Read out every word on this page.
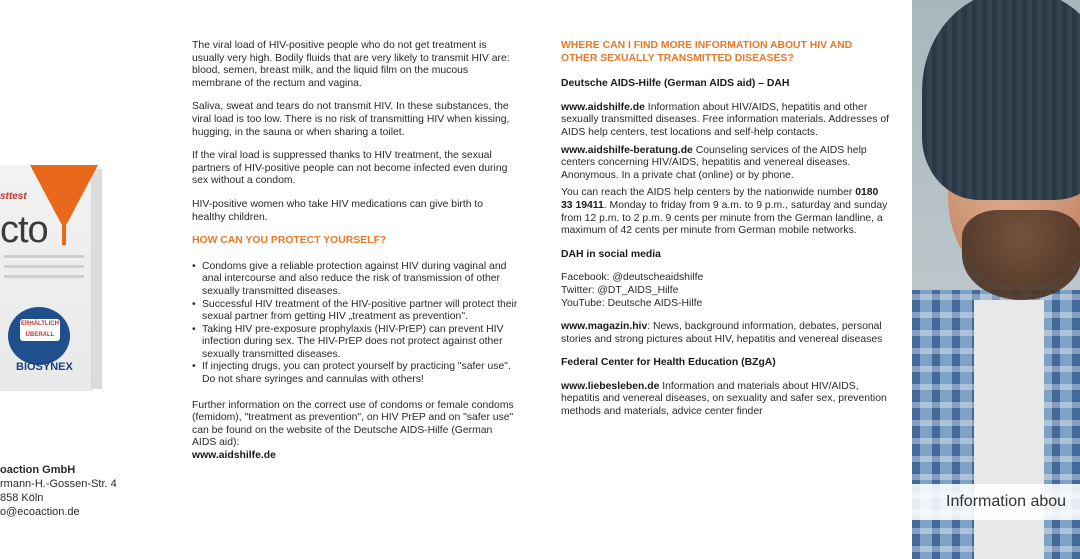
sttest
cto
ERHÄLTLICH ÜBERALL
BIOSYNEX
oaction GmbH
rmann-H.-Gossen-Str. 4
858 Köln
o@ecoaction.de

The viral load of HIV-positive people who do not get treatment is usually very high. Bodily fluids that are very likely to transmit HIV are: blood, semen, breast milk, and the liquid film on the mucous membrane of the rectum and vagina.

Saliva, sweat and tears do not transmit HIV. In these substances, the viral load is too low. There is no risk of transmitting HIV when kissing, hugging, in the sauna or when sharing a toilet.

If the viral load is suppressed thanks to HIV treatment, the sexual partners of HIV-positive people can not become infected even during sex without a condom.

HIV-positive women who take HIV medications can give birth to healthy children.

HOW CAN YOU PROTECT YOURSELF?
• Condoms give a reliable protection against HIV during vaginal and anal intercourse and also reduce the risk of transmission of other sexually transmitted diseases.
• Successful HIV treatment of the HIV-positive partner will protect their sexual partner from getting HIV „treatment as prevention".
• Taking HIV pre-exposure prophylaxis (HIV-PrEP) can prevent HIV infection during sex. The HIV-PrEP does not protect against other sexually transmitted diseases.
• If injecting drugs, you can protect yourself by practicing "safer use". Do not share syringes and cannulas with others!

Further information on the correct use of condoms or female condoms (femidom), "treatment as prevention", on HIV PrEP and on "safer use" can be found on the website of the Deutsche AIDS-Hilfe (German AIDS aid):
www.aidshilfe.de

WHERE CAN I FIND MORE INFORMATION ABOUT HIV AND OTHER SEXUALLY TRANSMITTED DISEASES?
Deutsche AIDS-Hilfe (German AIDS aid) – DAH

www.aidshilfe.de Information about HIV/AIDS, hepatitis and other sexually transmitted diseases. Free information materials. Addresses of AIDS help centers, test locations and self-help contacts.

www.aidshilfe-beratung.de Counseling services of the AIDS help centers concerning HIV/AIDS, hepatitis and venereal diseases. Anonymous. In a private chat (online) or by phone.

You can reach the AIDS help centers by the nationwide number 0180 33 19411. Monday to friday from 9 a.m. to 9 p.m., saturday and sunday from 12 p.m. to 2 p.m. 9 cents per minute from the German landline, a maximum of 42 cents per minute from German mobile networks.

DAH in social media

Facebook: @deutscheaidshilfe
Twitter: @DT_AIDS_Hilfe
YouTube: Deutsche AIDS-Hilfe

www.magazin.hiv: News, background information, debates, personal stories and strong pictures about HIV, hepatitis and venereal diseases

Federal Center for Health Education (BZgA)

www.liebesleben.de Information and materials about HIV/AIDS, hepatitis and venereal diseases, on sexuality and safer sex, prevention methods and materials, advice center finder

Information abou
